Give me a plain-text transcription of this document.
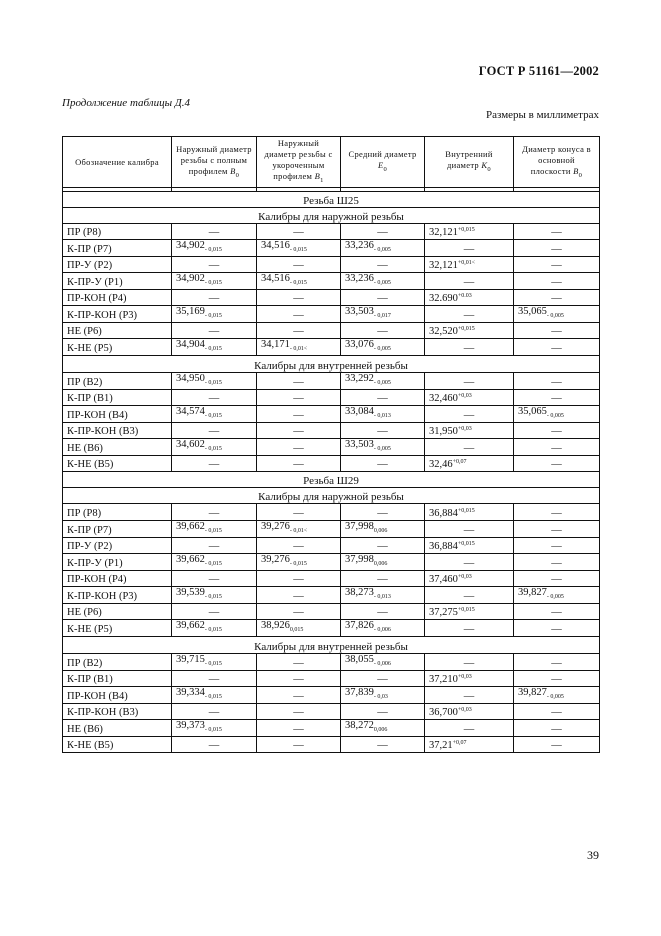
ГОСТ Р 51161—2002
Продолжение таблицы Д.4
Размеры в миллиметрах
Обозначение калибра	Наружный диаметр резьбы с полным профилем $B_0$	Наружный диаметр резьбы с укороченным профилем $B_1$	Средний диаметр $E_0$	Внутренний диаметр $K_0$	Диаметр конуса в основной плоскости $B_0$

Резьба Ш25					
Калибры для наружной резьбы					
ПР (Р8)	—	—	—	$32,121^{+0,015}$	—
К-ПР (Р7)	$34,902_{- 0,015}$	$34,516_{- 0,015}$	$33,236_{- 0,005}$	—	—
ПР-У (Р2)	—	—	—	$32,121^{+0,01<}$	—
К-ПР-У (Р1)	$34,902_{- 0,015}$	$34,516_{- 0,015}$	$33,236_{- 0,005}$	—	—
ПР-КОН (Р4)	—	—	—	$32.690^{+0.03}$	—
К-ПР-КОН (Р3)	$35,169_{- 0,015}$	—	$33,503_{- 0,017}$	—	$35,065_{- 0,005}$
НЕ (Р6)	—	—	—	$32,520^{+0,015}$	—
К-НЕ (Р5)	$34,904_{- 0,015}$	$34,171_{- 0,01<}$	$33,076_{- 0,005}$	—	—
Калибры для внутренней резьбы					
ПР (В2)	$34,950_{- 0,015}$	—	$33,292_{- 0,005}$	—	—
К-ПР (В1)	—	—	—	$32,460^{+0,03}$	—
ПР-КОН (В4)	$34,574_{- 0,015}$	—	$33,084_{- 0,013}$	—	$35,065_{- 0,005}$
К-ПР-КОН (В3)	—	—	—	$31,950^{+0,03}$	—
НЕ (В6)	$34,602_{- 0,015}$	—	$33,503_{- 0,005}$	—	—
К-НЕ (В5)	—	—	—	$32,46^{+0,07}$	—
Резьба Ш29					
Калибры для наружной резьбы					
ПР (Р8)	—	—	—	$36,884^{+0,015}$	—
К-ПР (Р7)	$39,662_{- 0,015}$	$39,276_{- 0,01<}$	$37,998_{0,006}$	—	—
ПР-У (Р2)	—	—	—	$36,884^{+0,015}$	—
К-ПР-У (Р1)	$39,662_{- 0,015}$	$39,276_{- 0,015}$	$37,998_{0,006}$	—	—
ПР-КОН (Р4)	—	—	—	$37,460^{+0,03}$	—
К-ПР-КОН (Р3)	$39,539_{- 0,015}$	—	$38,273_{- 0,013}$	—	$39,827_{- 0,005}$
НЕ (Р6)	—	—	—	$37,275^{+0,015}$	—
К-НЕ (Р5)	$39,662_{- 0,015}$	$38,926_{0,015}$	$37,826_{- 0,006}$	—	—
Калибры для внутренней резьбы					
ПР (В2)	$39,715_{- 0,015}$	—	$38,055_{- 0,006}$	—	—
К-ПР (В1)	—	—	—	$37,210^{+0,03}$	—
ПР-КОН (В4)	$39,334_{- 0,015}$	—	$37,839_{- 0,03}$	—	$39,827_{- 0,005}$
К-ПР-КОН (В3)	—	—	—	$36,700^{+0,03}$	—
НЕ (В6)	$39,373_{- 0,015}$	—	$38,272_{0,006}$	—	—
К-НЕ (В5)	—	—	—	$37,21^{+0,07}$	—
39
